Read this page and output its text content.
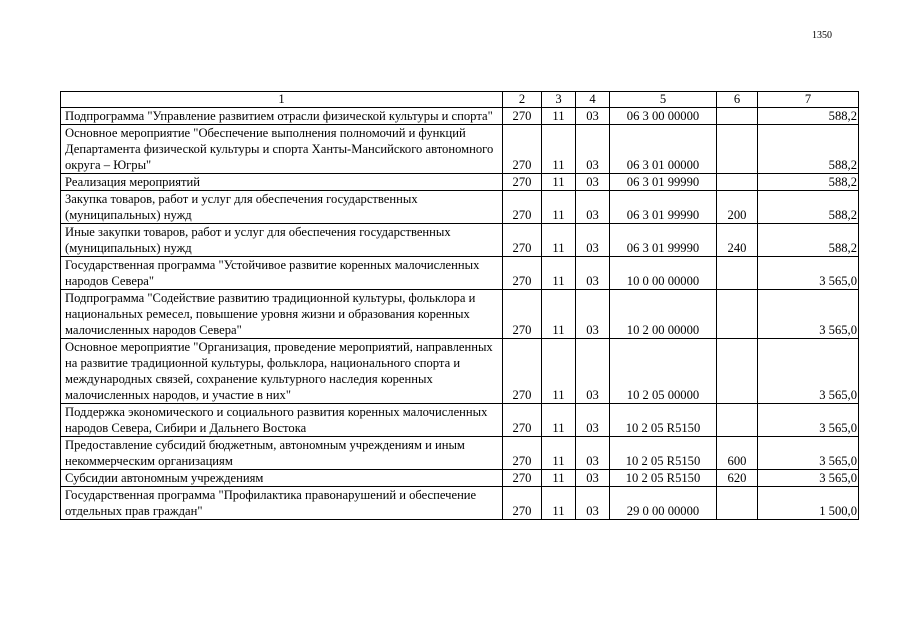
1350
1	2	3	4	5	6	7
Подпрограмма "Управление развитием отрасли физической культуры и спорта"	270	11	03	06 3 00 00000		588,2
Основное мероприятие "Обеспечение выполнения полномочий и функций Департамента физической культуры и спорта Ханты-Мансийского автономного округа – Югры"	270	11	03	06 3 01 00000		588,2
Реализация мероприятий	270	11	03	06 3 01 99990		588,2
Закупка товаров, работ и услуг для обеспечения государственных (муниципальных) нужд	270	11	03	06 3 01 99990	200	588,2
Иные закупки товаров, работ и услуг для обеспечения государственных (муниципальных) нужд	270	11	03	06 3 01 99990	240	588,2
Государственная программа "Устойчивое развитие коренных малочисленных народов Севера"	270	11	03	10 0 00 00000		3 565,0
Подпрограмма "Содействие развитию традиционной культуры, фольклора и национальных ремесел, повышение уровня жизни и образования коренных малочисленных народов Севера"	270	11	03	10 2 00 00000		3 565,0
Основное мероприятие "Организация, проведение мероприятий, направленных на развитие традиционной культуры, фольклора, национального спорта и международных связей, сохранение культурного наследия коренных малочисленных народов, и участие в них"	270	11	03	10 2 05 00000		3 565,0
Поддержка экономического и социального развития коренных малочисленных народов Севера, Сибири и Дальнего Востока	270	11	03	10 2 05 R5150		3 565,0
Предоставление субсидий бюджетным, автономным учреждениям и иным некоммерческим организациям	270	11	03	10 2 05 R5150	600	3 565,0
Субсидии автономным учреждениям	270	11	03	10 2 05 R5150	620	3 565,0
Государственная программа "Профилактика правонарушений и обеспечение отдельных прав граждан"	270	11	03	29 0 00 00000		1 500,0
